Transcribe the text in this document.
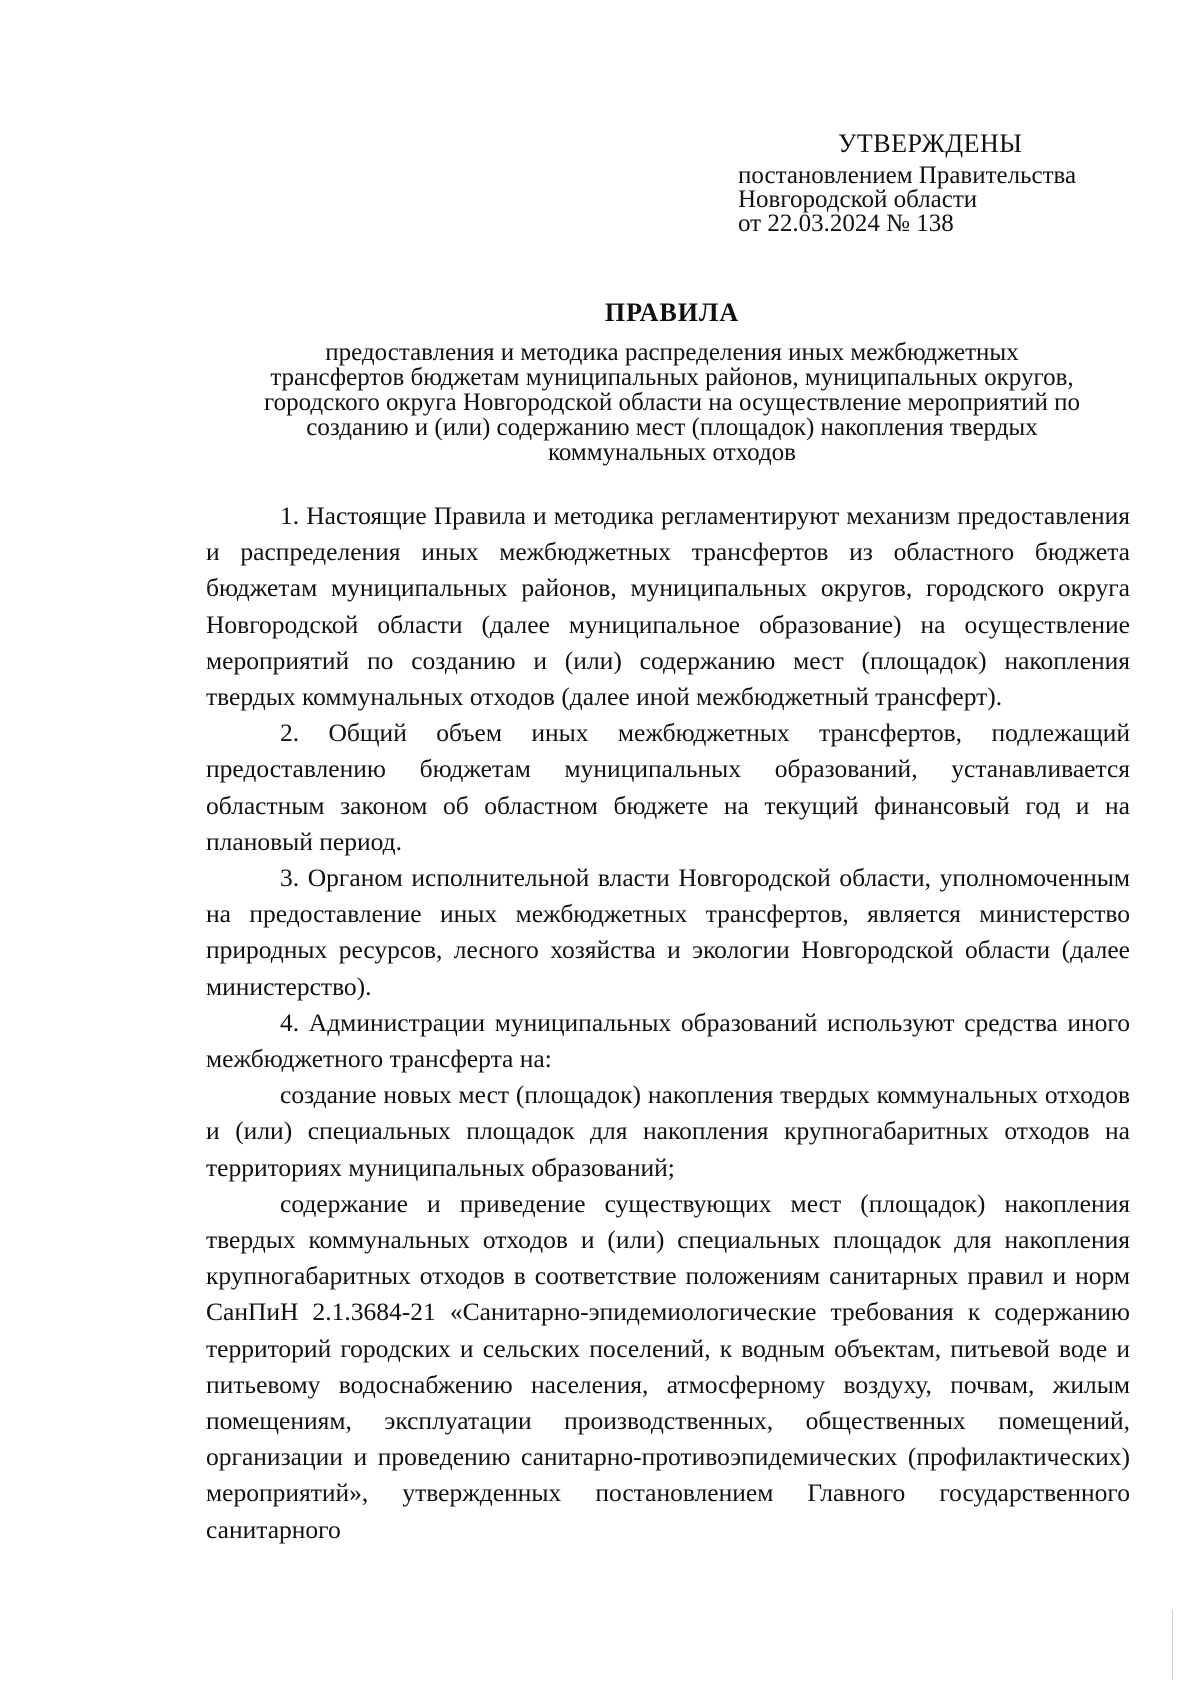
УТВЕРЖДЕНЫ
постановлением Правительства
Новгородской области
от 22.03.2024 № 138
ПРАВИЛА
предоставления и методика распределения иных межбюджетных
трансфертов бюджетам муниципальных районов, муниципальных округов,
городского округа Новгородской области на осуществление мероприятий по
созданию и (или) содержанию мест (площадок) накопления твердых
коммунальных отходов

1. Настоящие Правила и методика регламентируют механизм предоставления и распределения иных межбюджетных трансфертов из областного бюджета бюджетам муниципальных районов, муниципальных округов, городского округа Новгородской области (далее муниципальное образование) на осуществление мероприятий по созданию и (или) содержанию мест (площадок) накопления твердых коммунальных отходов (далее иной межбюджетный трансферт).

2. Общий объем иных межбюджетных трансфертов, подлежащий предоставлению бюджетам муниципальных образований, устанавливается областным законом об областном бюджете на текущий финансовый год и на плановый период.

3. Органом исполнительной власти Новгородской области, уполномоченным на предоставление иных межбюджетных трансфертов, является министерство природных ресурсов, лесного хозяйства и экологии Новгородской области (далее министерство).

4. Администрации муниципальных образований используют средства иного межбюджетного трансферта на:

создание новых мест (площадок) накопления твердых коммунальных отходов и (или) специальных площадок для накопления крупногабаритных отходов на территориях муниципальных образований;

содержание и приведение существующих мест (площадок) накопления твердых коммунальных отходов и (или) специальных площадок для накопления крупногабаритных отходов в соответствие положениям санитарных правил и норм СанПиН 2.1.3684-21 «Санитарно-эпидемиологические требования к содержанию территорий городских и сельских поселений, к водным объектам, питьевой воде и питьевому водоснабжению населения, атмосферному воздуху, почвам, жилым помещениям, эксплуатации производственных, общественных помещений, организации и проведению санитарно-противоэпидемических (профилактических) мероприятий», утвержденных постановлением Главного государственного санитарного
